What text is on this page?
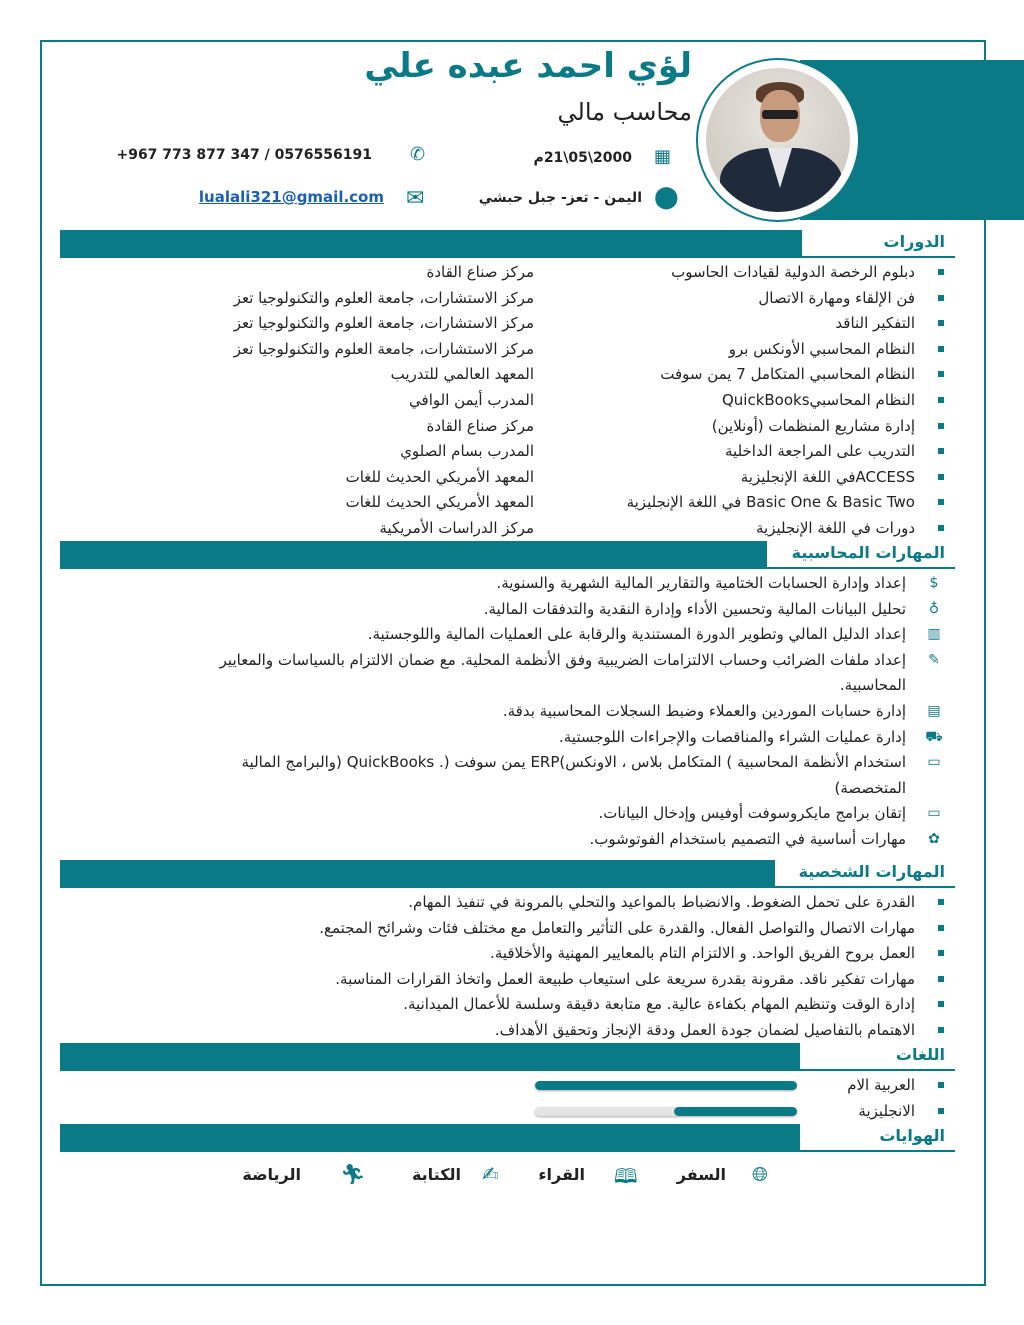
لؤي احمد عبده علي
محاسب مالي
✆
+967 773 877 347 / 0576556191	▦
2000\05\21م
✉
lualali321@gmail.com	⬤
اليمن - تعز- جبل حبشي
الدورات
دبلوم الرخصة الدولية لقيادات الحاسوب
مركز صناع القادة
فن الإلقاء ومهارة الاتصال
مركز الاستشارات، جامعة العلوم والتكنولوجيا تعز
التفكير الناقد
مركز الاستشارات، جامعة العلوم والتكنولوجيا تعز
النظام المحاسبي الأونكس برو
مركز الاستشارات، جامعة العلوم والتكنولوجيا تعز
النظام المحاسبي المتكامل 7 يمن سوفت
المعهد العالمي للتدريب
النظام المحاسبيQuickBooks
المدرب أيمن الوافي
إدارة مشاريع المنظمات (أونلاين)
مركز صناع القادة
التدريب على المراجعة الداخلية
المدرب بسام الصلوي
ACCESSفي اللغة الإنجليزية
المعهد الأمريكي الحديث للغات
Basic One & Basic Two في اللغة الإنجليزية
المعهد الأمريكي الحديث للغات
دورات في اللغة الإنجليزية
مركز الدراسات الأمريكية
المهارات المحاسبية
$
إعداد وإدارة الحسابات الختامية والتقارير المالية الشهرية والسنوية.
♁
تحليل البيانات المالية وتحسين الأداء وإدارة النقدية والتدفقات المالية.
▥
إعداد الدليل المالي وتطوير الدورة المستندية والرقابة على العمليات المالية واللوجستية.
✎
إعداد ملفات الضرائب وحساب الالتزامات الضريبية وفق الأنظمة المحلية. مع ضمان الالتزام بالسياسات والمعايير
المحاسبية.
▤
إدارة حسابات الموردين والعملاء وضبط السجلات المحاسبية بدقة.
⛟
إدارة عمليات الشراء والمناقصات والإجراءات اللوجستية.
▭
استخدام الأنظمة المحاسبية ) المتكامل بلاس ، الاونكس)ERP يمن سوفت (. QuickBooks (والبرامج المالية
المتخصصة)
▭
إتقان برامج مايكروسوفت أوفيس وإدخال البيانات.
✿
مهارات أساسية في التصميم باستخدام الفوتوشوب.
المهارات الشخصية
القدرة على تحمل الضغوط. والانضباط بالمواعيد والتحلي بالمرونة في تنفيذ المهام.
مهارات الاتصال والتواصل الفعال. والقدرة على التأثير والتعامل مع مختلف فئات وشرائح المجتمع.
العمل بروح الفريق الواحد. و الالتزام التام بالمعايير المهنية والأخلاقية.
مهارات تفكير ناقد. مقرونة بقدرة سريعة على استيعاب طبيعة العمل واتخاذ القرارات المناسبة.
إدارة الوقت وتنظيم المهام بكفاءة عالية. مع متابعة دقيقة وسلسة للأعمال الميدانية.
الاهتمام بالتفاصيل لضمان جودة العمل ودقة الإنجاز وتحقيق الأهداف.
اللغات
العربية الام
الانجليزية
الهوايات
السفر 🌐︎
القراء 🕮
الكتابة ✍
الرياضة 🏃︎
